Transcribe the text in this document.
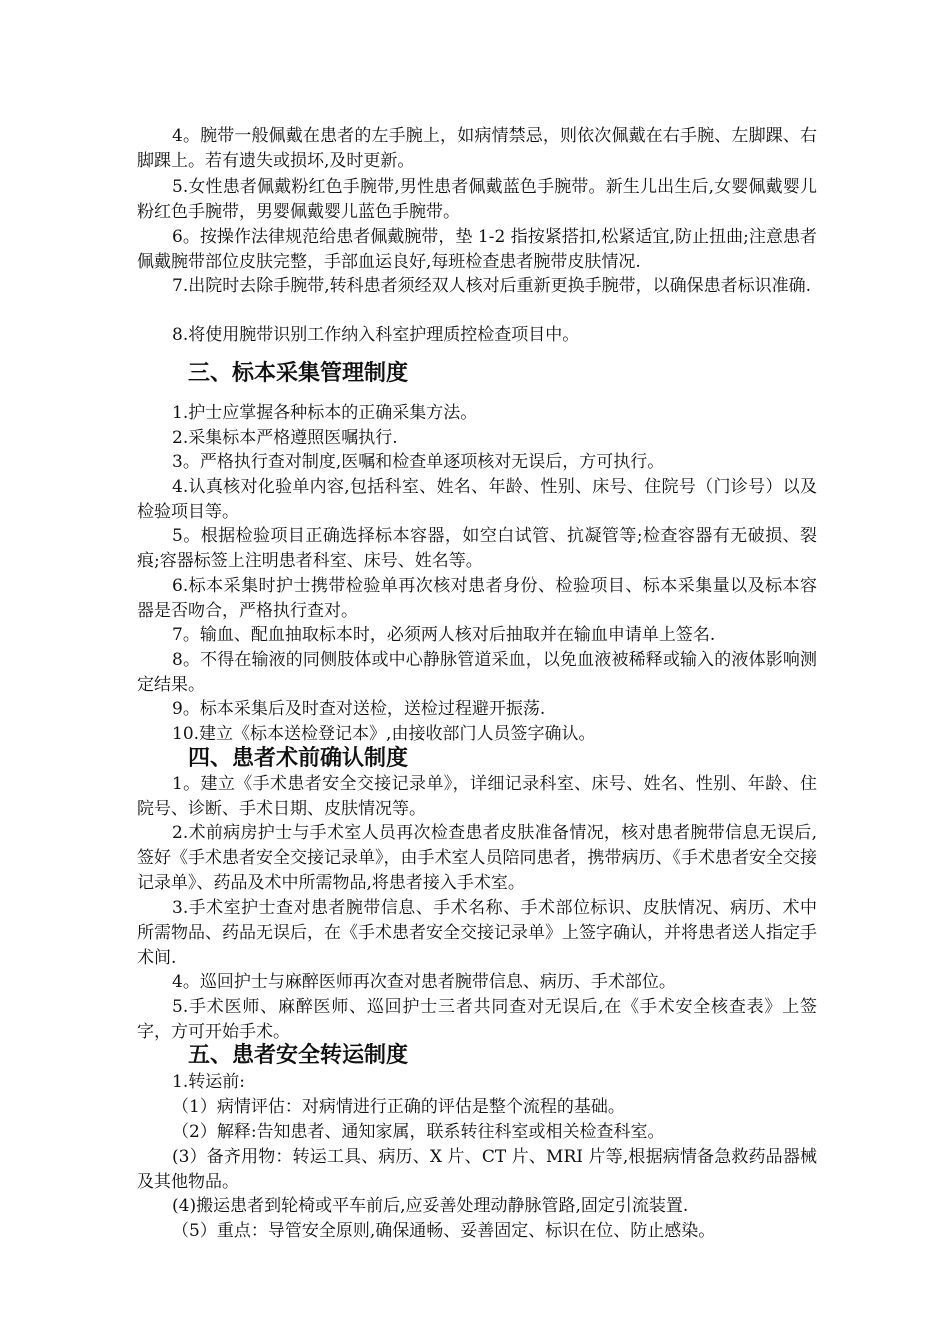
4。腕带一般佩戴在患者的左手腕上，如病情禁忌，则依次佩戴在右手腕、左脚踝、右脚踝上。若有遗失或损坏,及时更新。

5.女性患者佩戴粉红色手腕带,男性患者佩戴蓝色手腕带。新生儿出生后,女婴佩戴婴儿粉红色手腕带，男婴佩戴婴儿蓝色手腕带。

6。按操作法律规范给患者佩戴腕带，垫 1-2 指按紧搭扣,松紧适宜,防止扭曲;注意患者佩戴腕带部位皮肤完整，手部血运良好,每班检查患者腕带皮肤情况.

7.出院时去除手腕带,转科患者须经双人核对后重新更换手腕带，以确保患者标识准确.

8.将使用腕带识别工作纳入科室护理质控检查项目中。

三、标本采集管理制度

1.护士应掌握各种标本的正确采集方法。

2.采集标本严格遵照医嘱执行.

3。严格执行查对制度,医嘱和检查单逐项核对无误后，方可执行。

4.认真核对化验单内容,包括科室、姓名、年龄、性别、床号、住院号（门诊号）以及检验项目等。

5。根据检验项目正确选择标本容器，如空白试管、抗凝管等;检查容器有无破损、裂痕;容器标签上注明患者科室、床号、姓名等。

6.标本采集时护士携带检验单再次核对患者身份、检验项目、标本采集量以及标本容器是否吻合，严格执行查对。

7。输血、配血抽取标本时，必须两人核对后抽取并在输血申请单上签名.

8。不得在输液的同侧肢体或中心静脉管道采血，以免血液被稀释或输入的液体影响测定结果。

9。标本采集后及时查对送检，送检过程避开振荡.

10.建立《标本送检登记本》,由接收部门人员签字确认。

四、患者术前确认制度

1。建立《手术患者安全交接记录单》，详细记录科室、床号、姓名、性别、年龄、住院号、诊断、手术日期、皮肤情况等。

2.术前病房护士与手术室人员再次检查患者皮肤准备情况，核对患者腕带信息无误后,签好《手术患者安全交接记录单》，由手术室人员陪同患者，携带病历、《手术患者安全交接记录单》、药品及术中所需物品,将患者接入手术室。

3.手术室护士查对患者腕带信息、手术名称、手术部位标识、皮肤情况、病历、术中所需物品、药品无误后，在《手术患者安全交接记录单》上签字确认，并将患者送人指定手术间.

4。巡回护士与麻醉医师再次查对患者腕带信息、病历、手术部位。

5.手术医师、麻醉医师、巡回护士三者共同查对无误后,在《手术安全核查表》上签字，方可开始手术。

五、患者安全转运制度

1.转运前:

（1）病情评估：对病情进行正确的评估是整个流程的基础。

（2）解释:告知患者、通知家属，联系转往科室或相关检查科室。

(3）备齐用物：转运工具、病历、X 片、CT 片、MRI 片等,根据病情备急救药品器械及其他物品。

(4)搬运患者到轮椅或平车前后,应妥善处理动静脉管路,固定引流装置.

（5）重点：导管安全原则,确保通畅、妥善固定、标识在位、防止感染。
